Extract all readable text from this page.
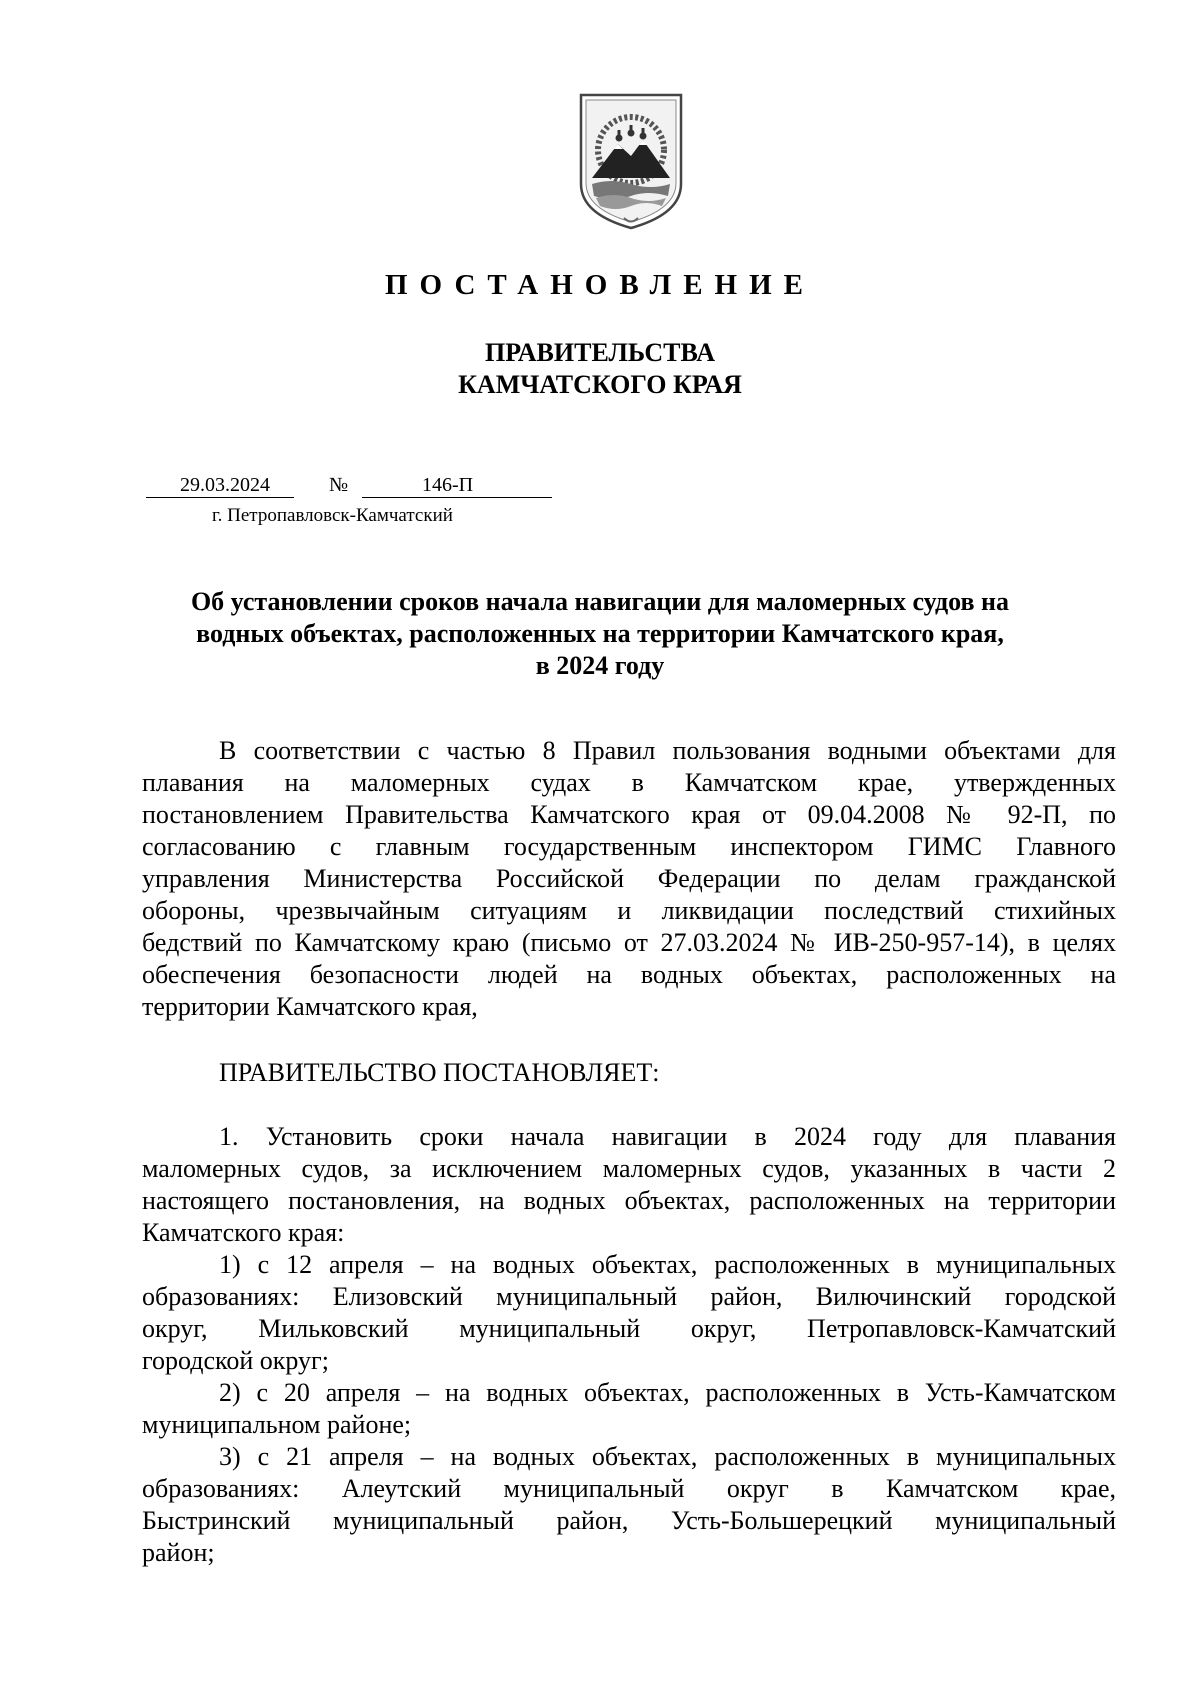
ПОСТАНОВЛЕНИЕ
ПРАВИТЕЛЬСТВА
КАМЧАТСКОГО КРАЯ
29.03.2024	№	146-П
г. Петропавловск-Камчатский
Об установлении сроков начала навигации для маломерных судов на
водных объектах, расположенных на территории Камчатского края,
в 2024 году
В соответствии с частью 8 Правил пользования водными объектами для
плавания на маломерных судах в Камчатском крае, утвержденных
постановлением Правительства Камчатского края от 09.04.2008 № 92-П, по
согласованию с главным государственным инспектором ГИМС Главного
управления Министерства Российской Федерации по делам гражданской
обороны, чрезвычайным ситуациям и ликвидации последствий стихийных
бедствий по Камчатскому краю (письмо от 27.03.2024 № ИВ-250-957-14), в целях
обеспечения безопасности людей на водных объектах, расположенных на
территории Камчатского края,
ПРАВИТЕЛЬСТВО ПОСТАНОВЛЯЕТ:
1. Установить сроки начала навигации в 2024 году для плавания
маломерных судов, за исключением маломерных судов, указанных в части 2
настоящего постановления, на водных объектах, расположенных на территории
Камчатского края:
1) с 12 апреля – на водных объектах, расположенных в муниципальных
образованиях: Елизовский муниципальный район, Вилючинский городской
округ, Мильковский муниципальный округ, Петропавловск-Камчатский
городской округ;
2) с 20 апреля – на водных объектах, расположенных в Усть-Камчатском
муниципальном районе;
3) с 21 апреля – на водных объектах, расположенных в муниципальных
образованиях: Алеутский муниципальный округ в Камчатском крае,
Быстринский муниципальный район, Усть-Большерецкий муниципальный
район;
